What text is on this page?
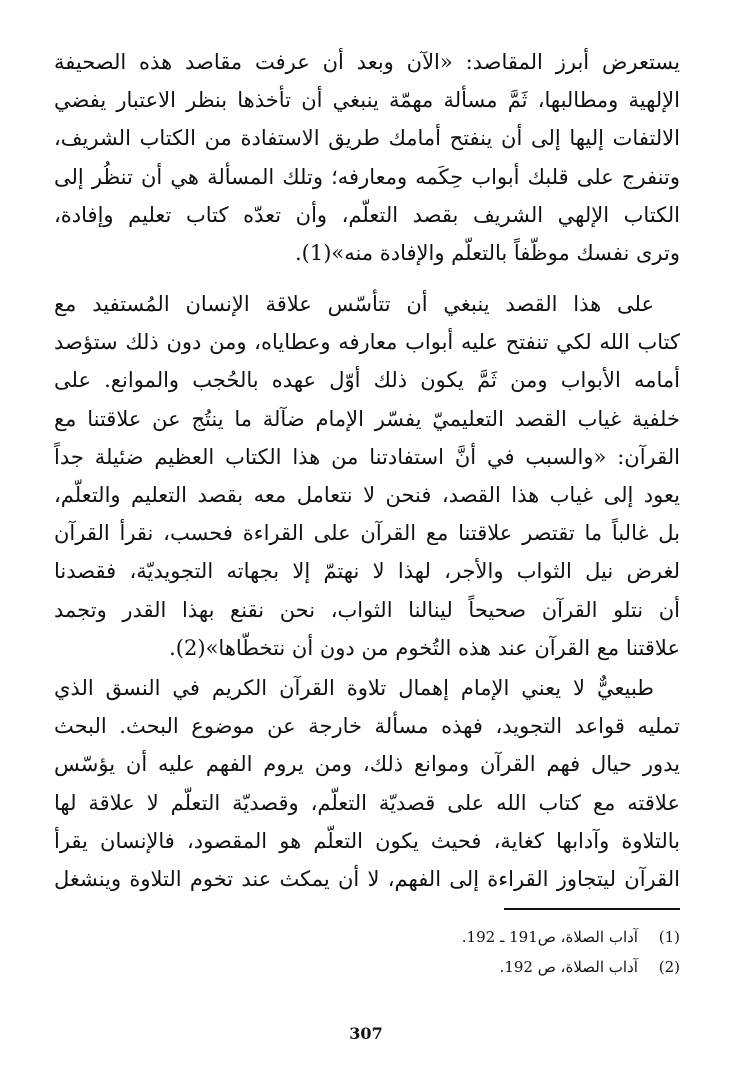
يستعرض أبرز المقاصد: «الآن وبعد أن عرفت مقاصد هذه الصحيفة
الإلهية ومطالبها، ثَمَّ مسألة مهمّة ينبغي أن تأخذها بنظر الاعتبار يفضي
الالتفات إليها إلى أن ينفتح أمامك طريق الاستفادة من الكتاب الشريف،
وتنفرج على قلبك أبواب حِكَمه ومعارفه؛ وتلك المسألة هي أن تنظُر إلى
الكتاب الإلهي الشريف بقصد التعلّم، وأن تعدّه كتاب تعليم وإفادة،
وترى نفسك موظّفاً بالتعلّم والإفادة منه»(1).
على هذا القصد ينبغي أن تتأسّس علاقة الإنسان المُستفيد مع
كتاب الله لكي تنفتح عليه أبواب معارفه وعطاياه، ومن دون ذلك ستؤصد
أمامه الأبواب ومن ثَمَّ يكون ذلك أوّل عهده بالحُجب والموانع. على
خلفية غياب القصد التعليميّ يفسّر الإمام ضآلة ما ينتُج عن علاقتنا مع
القرآن: «والسبب في أنَّ استفادتنا من هذا الكتاب العظيم ضئيلة جداً
يعود إلى غياب هذا القصد، فنحن لا نتعامل معه بقصد التعليم والتعلّم،
بل غالباً ما تقتصر علاقتنا مع القرآن على القراءة فحسب، نقرأ القرآن
لغرض نيل الثواب والأجر، لهذا لا نهتمّ إلا بجهاته التجويديّة، فقصدنا
أن نتلو القرآن صحيحاً لينالنا الثواب، نحن نقنع بهذا القدر وتجمد
علاقتنا مع القرآن عند هذه التُخوم من دون أن نتخطّاها»(2).
طبيعيٌّ لا يعني الإمام إهمال تلاوة القرآن الكريم في النسق الذي
تمليه قواعد التجويد، فهذه مسألة خارجة عن موضوع البحث. البحث
يدور حيال فهم القرآن وموانع ذلك، ومن يروم الفهم عليه أن يؤسّس
علاقته مع كتاب الله على قصديّة التعلّم، وقصديّة التعلّم لا علاقة لها
بالتلاوة وآدابها كغاية، فحيث يكون التعلّم هو المقصود، فالإنسان يقرأ
القرآن ليتجاوز القراءة إلى الفهم، لا أن يمكث عند تخوم التلاوة وينشغل
(1) آداب الصلاة، ص191 ـ 192.
(2) آداب الصلاة، ص 192.
307
